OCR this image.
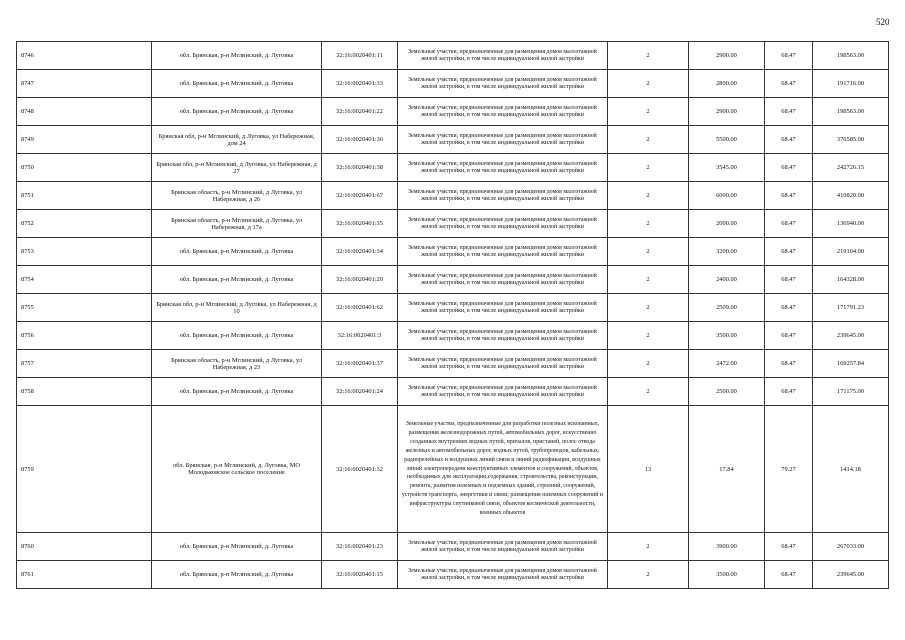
520
8746	обл. Брянская, р-н Мглинский, д. Луговка	32:16:0020401:11	Земельные участки, предназначенные для размещения домов малоэтажной жилой застройки, в том числе индивидуальной жилой застройки	2	2900.00	68.47	198563.00
8747	обл. Брянская, р-н Мглинский, д. Луговка	32:16:0020401:33	Земельные участки, предназначенные для размещения домов малоэтажной жилой застройки, в том числе индивидуальной жилой застройки	2	2800.00	68.47	191716.00
8748	обл. Брянская, р-н Мглинский, д. Луговка	32:16:0020401:22	Земельные участки, предназначенные для размещения домов малоэтажной жилой застройки, в том числе индивидуальной жилой застройки	2	2900.00	68.47	198563.00
8749	Брянская обл, р-н Мглинский, д Луговка, ул Набережная, дом 24	32:16:0020401:36	Земельные участки, предназначенные для размещения домов малоэтажной жилой застройки, в том числе индивидуальной жилой застройки	2	5500.00	68.47	376585.00
8750	Брянская обл, р-н Мглинский, д Луговка, ул Набережная, д 27	32:16:0020401:38	Земельные участки, предназначенные для размещения домов малоэтажной жилой застройки, в том числе индивидуальной жилой застройки	2	3545.00	68.47	242726.15
8751	Брянская область, р-н Мглинский, д Луговка, ул Набережная, д 26	32:16:0020401:67	Земельные участки, предназначенные для размещения домов малоэтажной жилой застройки, в том числе индивидуальной жилой застройки	2	6000.00	68.47	410820.00
8752	Брянская область, р-н Мглинский, д Луговка, ул Набережная, д 17а	32:16:0020401:35	Земельные участки, предназначенные для размещения домов малоэтажной жилой застройки, в том числе индивидуальной жилой застройки	2	2000.00	68.47	136940.00
8753	обл. Брянская, р-н Мглинский, д. Луговка	32:16:0020401:34	Земельные участки, предназначенные для размещения домов малоэтажной жилой застройки, в том числе индивидуальной жилой застройки	2	3200.00	68.47	219104.00
8754	обл. Брянская, р-н Мглинский, д. Луговка	32:16:0020401:20	Земельные участки, предназначенные для размещения домов малоэтажной жилой застройки, в том числе индивидуальной жилой застройки	2	2400.00	68.47	164328.00
8755	Брянская обл, р-н Мглинский, д Луговка, ул Набережная, д 10	32:16:0020401:62	Земельные участки, предназначенные для размещения домов малоэтажной жилой застройки, в том числе индивидуальной жилой застройки	2	2509.00	68.47	171791.23
8756	обл. Брянская, р-н Мглинский, д. Луговка	32:16:0020401:3	Земельные участки, предназначенные для размещения домов малоэтажной жилой застройки, в том числе индивидуальной жилой застройки	2	3500.00	68.47	239645.00
8757	Брянская область, р-н Мглинский, д Луговка, ул Набережная, д 23	32:16:0020401:37	Земельные участки, предназначенные для размещения домов малоэтажной жилой застройки, в том числе индивидуальной жилой застройки	2	2472.00	68.47	169257.84
8758	обл. Брянская, р-н Мглинский, д. Луговка	32:16:0020401:24	Земельные участки, предназначенные для размещения домов малоэтажной жилой застройки, в том числе индивидуальной жилой застройки	2	2500.00	68.47	171175.00
8759	обл. Брянская, р-н Мглинский, д. Луговка, МО Молодьковское сельское поселение	32:16:0020401:32	Земельные участки, предназначенные для разработки полезных ископаемых, размещения железнодорожных путей, автомобильных дорог, искусственно созданных внутренних водных путей, причалов, пристаней, полос отвода железных и автомобильных дорог, водных путей, трубопроводов, кабельных, радиорелейных и воздушных линий связи и линий радиофикации, воздушных линий электропередачи конструктивных элементов и сооружений, объектов, необходимых для эксплуатации,содержания, строительства, реконструкции, ремонта, развития наземных и подземных зданий, строений, сооружений, устройств транспорта, энергетики и связи; размещения наземных сооружений и инфраструктуры спутниковой связи, объектов космической деятельности, военных объектов	13	17.84	79.27	1414.18
8760	обл. Брянская, р-н Мглинский, д. Луговка	32:16:0020401:23	Земельные участки, предназначенные для размещения домов малоэтажной жилой застройки, в том числе индивидуальной жилой застройки	2	3900.00	68.47	267033.00
8761	обл. Брянская, р-н Мглинский, д. Луговка	32:16:0020401:15	Земельные участки, предназначенные для размещения домов малоэтажной жилой застройки, в том числе индивидуальной жилой застройки	2	3500.00	68.47	239645.00
